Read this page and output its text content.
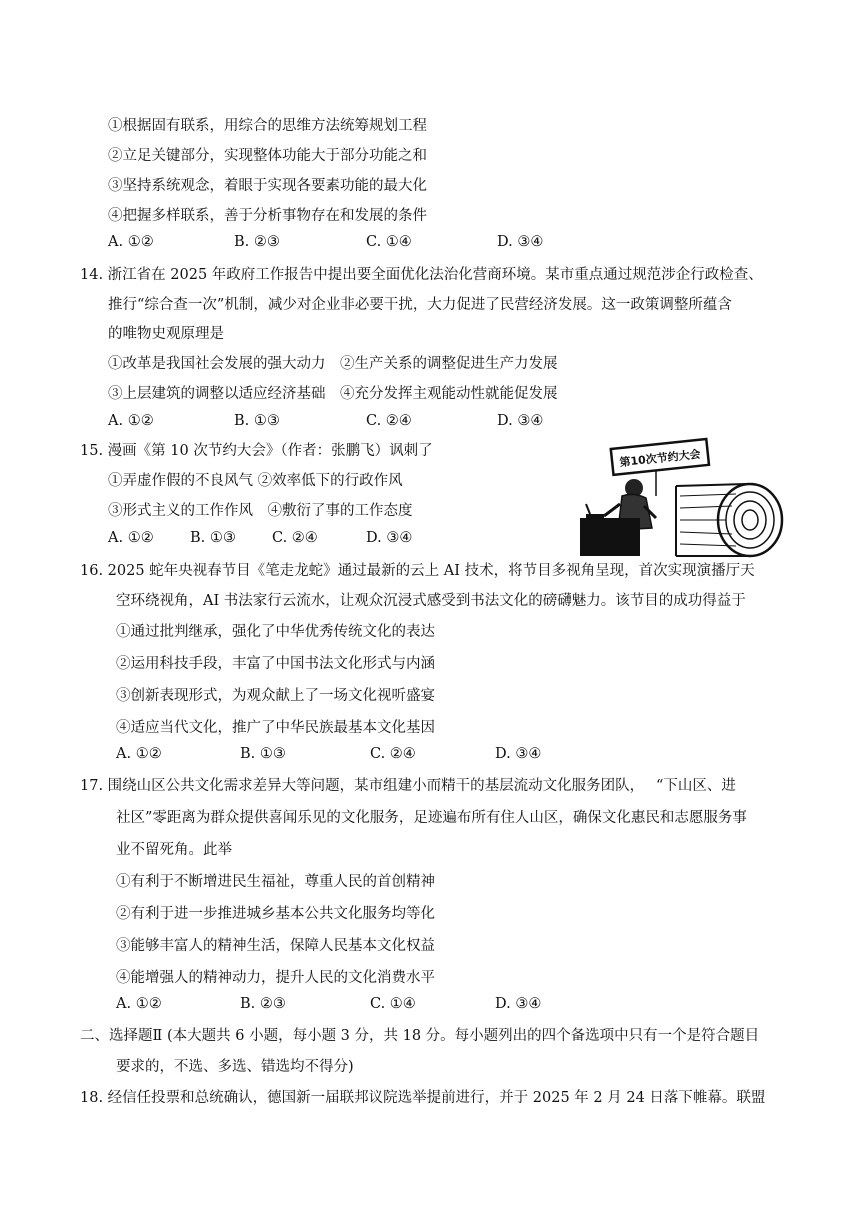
①根据固有联系，用综合的思维方法统筹规划工程
②立足关键部分，实现整体功能大于部分功能之和
③坚持系统观念，着眼于实现各要素功能的最大化
④把握多样联系，善于分析事物存在和发展的条件
A. ①②	B. ②③	C. ①④	D. ③④
14. 浙江省在 2025 年政府工作报告中提出要全面优化法治化营商环境。某市重点通过规范涉企行政检查、
推行“综合查一次”机制，减少对企业非必要干扰，大力促进了民营经济发展。这一政策调整所蕴含
的唯物史观原理是
①改革是我国社会发展的强大动力　②生产关系的调整促进生产力发展
③上层建筑的调整以适应经济基础　④充分发挥主观能动性就能促发展
A. ①②	B. ①③	C. ②④	D. ③④
15. 漫画《第 10 次节约大会》（作者：张鹏飞）讽刺了
①弄虚作假的不良风气 ②效率低下的行政作风
③形式主义的工作作风　④敷衍了事的工作态度
A. ①②	B. ①③ C. ②④	D. ③④
第10次节约大会
16. 2025 蛇年央视春节目《笔走龙蛇》通过最新的云上 AI 技术，将节目多视角呈现，首次实现演播厅天
空环绕视角，AI 书法家行云流水，让观众沉浸式感受到书法文化的磅礴魅力。该节目的成功得益于
①通过批判继承，强化了中华优秀传统文化的表达
②运用科技手段，丰富了中国书法文化形式与内涵
③创新表现形式，为观众献上了一场文化视听盛宴
④适应当代文化，推广了中华民族最基本文化基因
A. ①②	B. ①③	C. ②④	D. ③④
17. 围绕山区公共文化需求差异大等问题，某市组建小而精干的基层流动文化服务团队，　 “下山区、进
社区”零距离为群众提供喜闻乐见的文化服务，足迹遍布所有住人山区，确保文化惠民和志愿服务事
业不留死角。此举
①有利于不断增进民生福祉，尊重人民的首创精神
②有利于进一步推进城乡基本公共文化服务均等化
③能够丰富人的精神生活，保障人民基本文化权益
④能增强人的精神动力，提升人民的文化消费水平
A. ①②	B. ②③	C. ①④	D. ③④
二、选择题Ⅱ (本大题共 6 小题，每小题 3 分，共 18 分。每小题列出的四个备选项中只有一个是符合题目
要求的，不选、多选、错选均不得分)
18. 经信任投票和总统确认，德国新一届联邦议院选举提前进行，并于 2025 年 2 月 24 日落下帷幕。联盟
